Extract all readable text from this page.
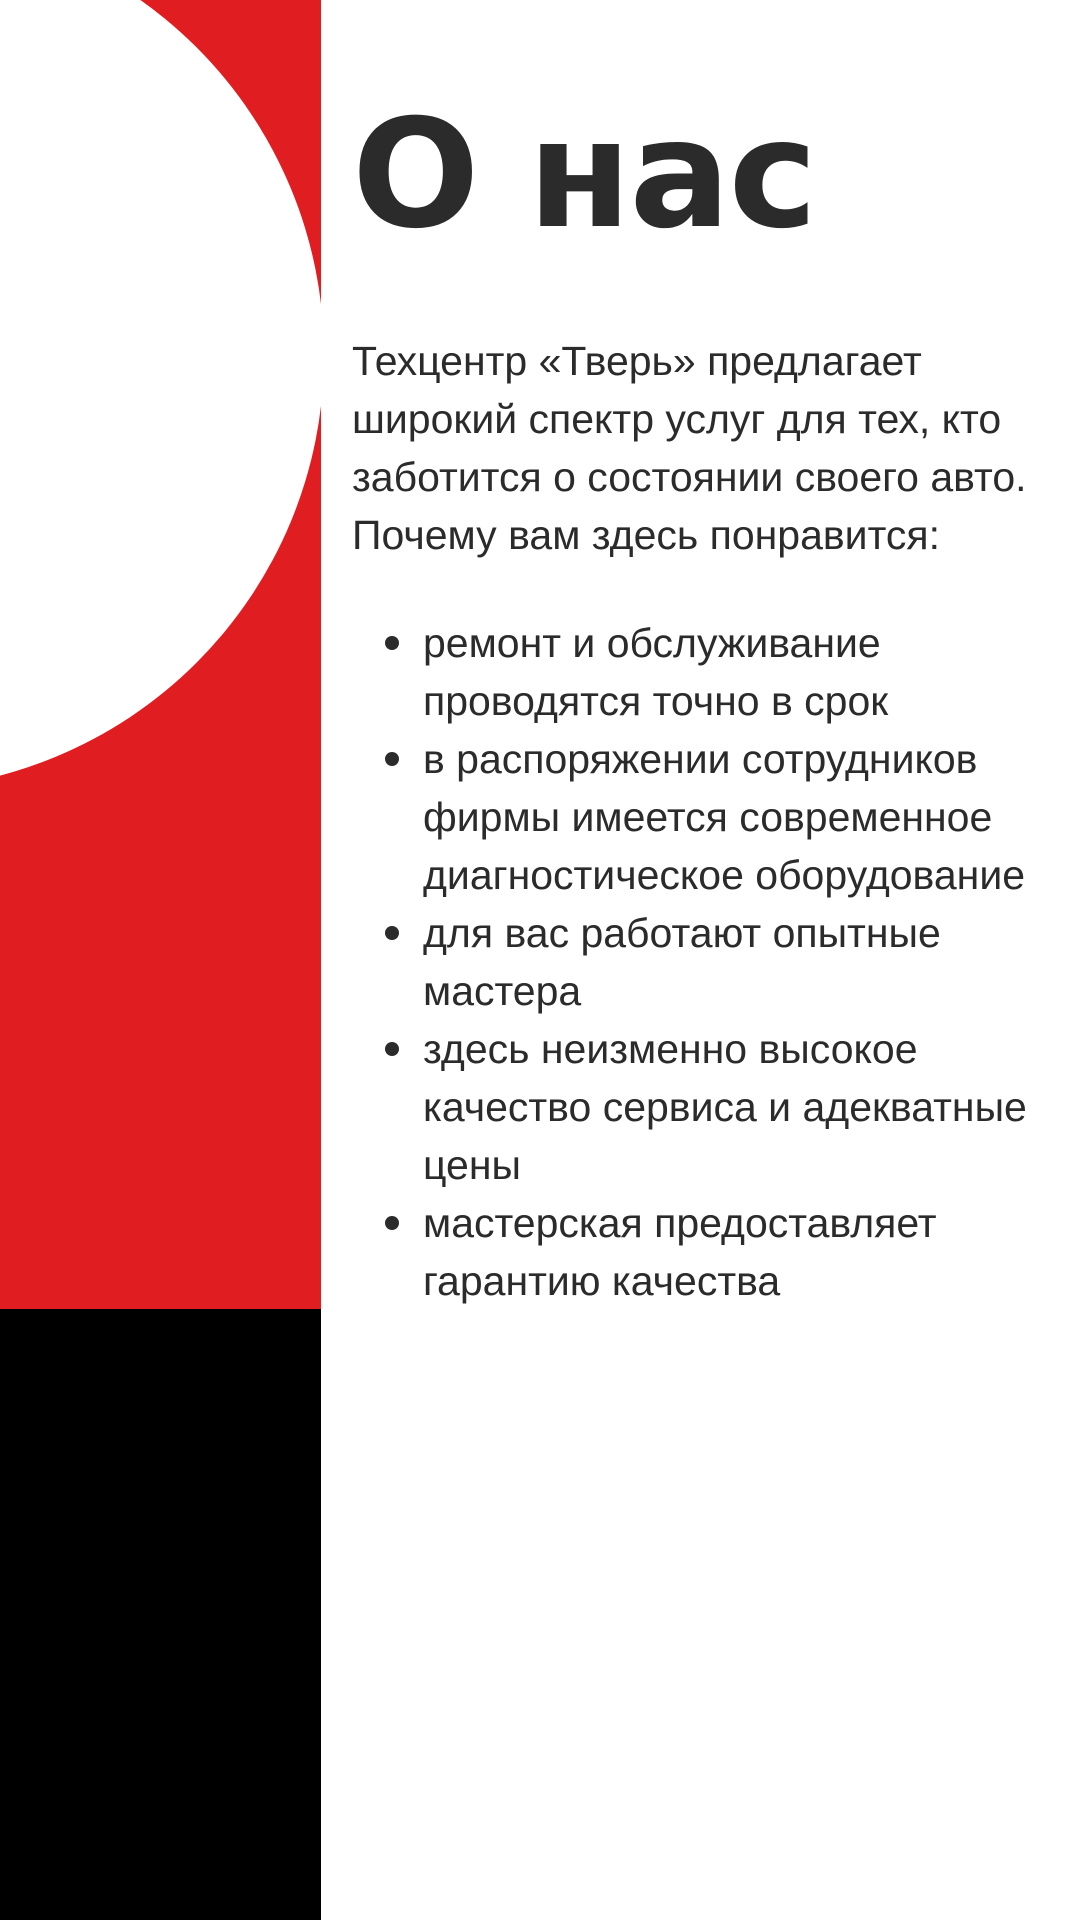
О нас

Техцентр «Тверь» предлагает широкий спектр услуг для тех, кто заботится о состоянии своего авто. Почему вам здесь понравится:

ремонт и обслуживание проводятся точно в срок
в распоряжении сотрудников фирмы имеется современное диагностическое оборудование
для вас работают опытные мастера
здесь неизменно высокое качество сервиса и адекватные цены
мастерская предоставляет гарантию качества
